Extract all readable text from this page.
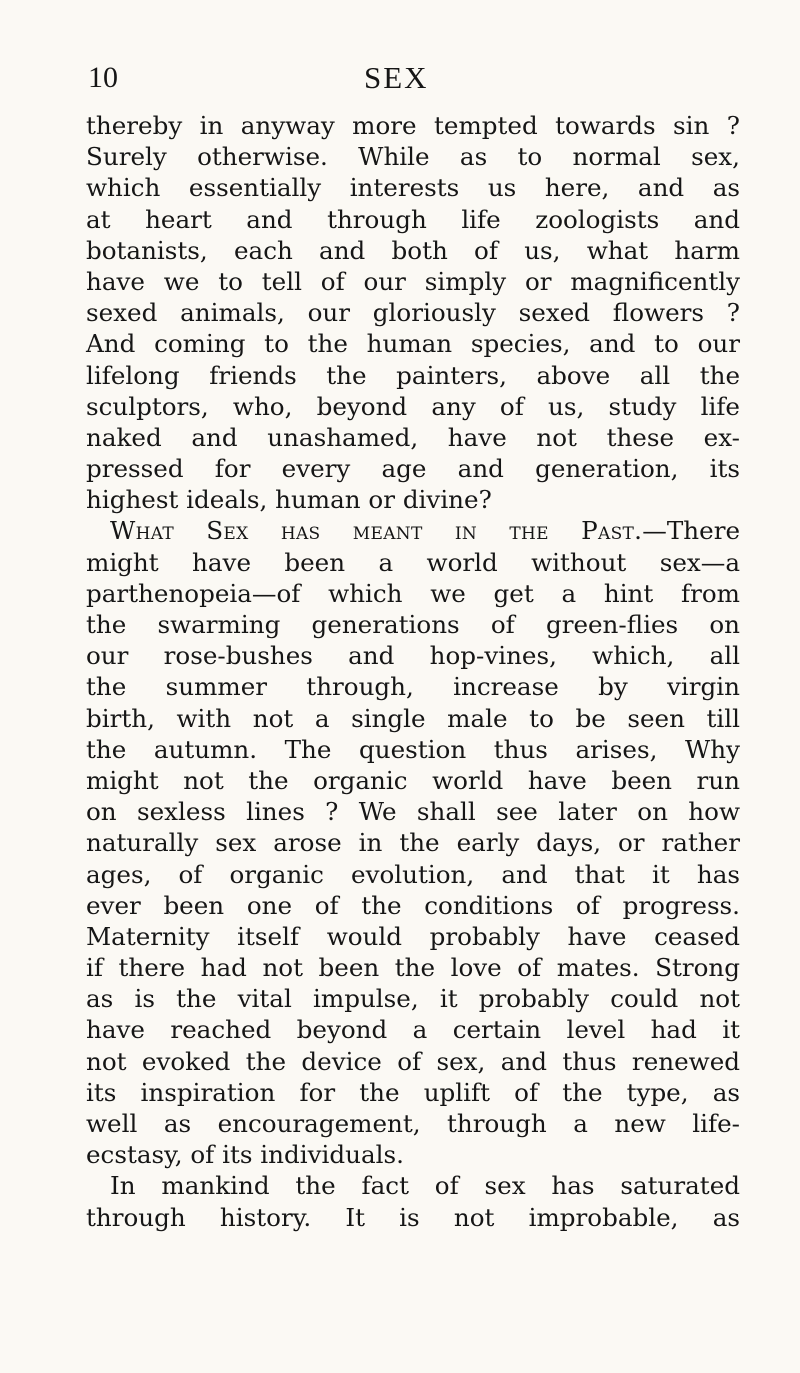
10	SEX
thereby in anyway more tempted towards sin ?
Surely otherwise. While as to normal sex,
which essentially interests us here, and as
at heart and through life zoologists and
botanists, each and both of us, what harm
have we to tell of our simply or magnificently
sexed animals, our gloriously sexed flowers ?
And coming to the human species, and to our
lifelong friends the painters, above all the
sculptors, who, beyond any of us, study life
naked and unashamed, have not these ex-
pressed for every age and generation, its
highest ideals, human or divine?
What Sex has meant in the Past.—There
might have been a world without sex—a
parthenopeia—of which we get a hint from
the swarming generations of green-flies on
our rose-bushes and hop-vines, which, all
the summer through, increase by virgin
birth, with not a single male to be seen till
the autumn. The question thus arises, Why
might not the organic world have been run
on sexless lines ? We shall see later on how
naturally sex arose in the early days, or rather
ages, of organic evolution, and that it has
ever been one of the conditions of progress.
Maternity itself would probably have ceased
if there had not been the love of mates. Strong
as is the vital impulse, it probably could not
have reached beyond a certain level had it
not evoked the device of sex, and thus renewed
its inspiration for the uplift of the type, as
well as encouragement, through a new life-
ecstasy, of its individuals.
In mankind the fact of sex has saturated
through history. It is not improbable, as
